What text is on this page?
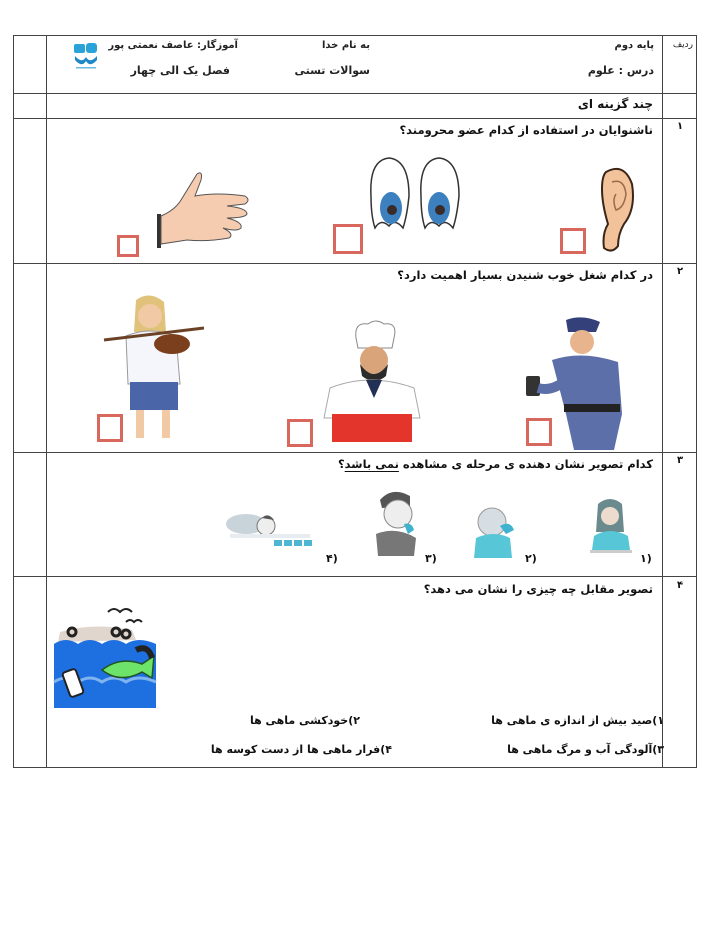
ردیف
پایه دوم
درس : علوم
به نام خدا
سوالات تستی
آموزگار: عاصف نعمتی پور
فصل یک الی چهار
چند گزینه ای
۱
ناشنوایان در استفاده از کدام عضو محرومند؟
۲
در کدام شغل خوب شنیدن بسیار اهمیت دارد؟
۳
کدام تصویر نشان دهنده ی مرحله ی مشاهده نمی باشد؟
(۱
(۲
(۳
(۴
۴
تصویر مقابل چه چیزی را نشان می دهد؟
۱)صید بیش از اندازه ی ماهی ها
۲)خودکشی ماهی ها
۳)آلودگی آب و مرگ ماهی ها
۴)فرار ماهی ها از دست کوسه ها
